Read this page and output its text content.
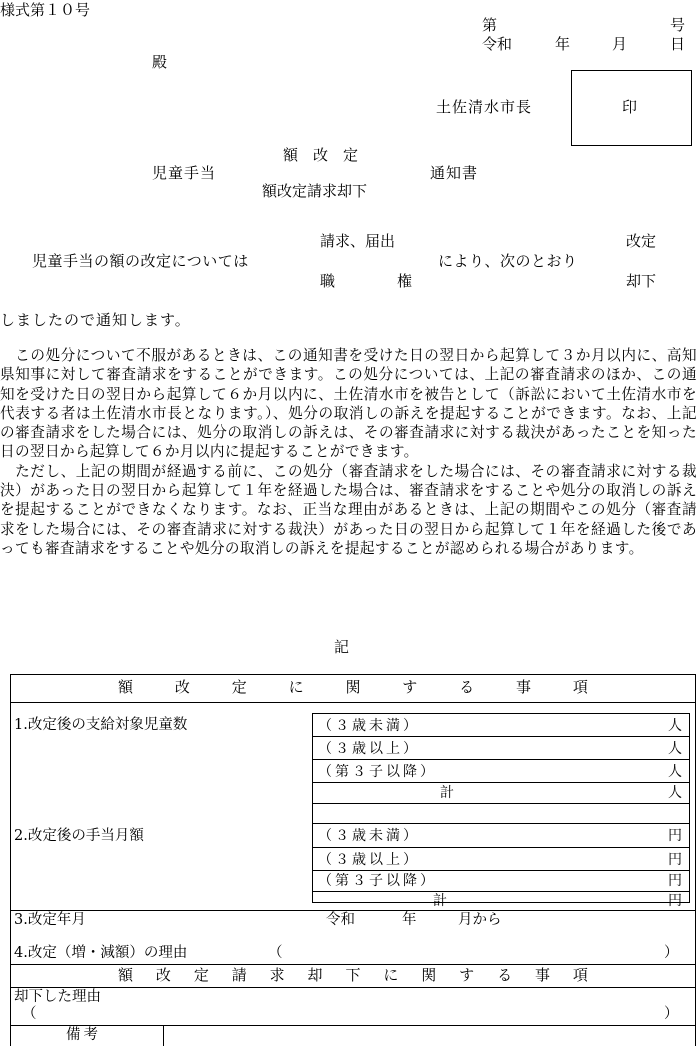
様式第１０号
第	号
令和	年	月	日
殿
土佐清水市長	印
額　改　定
児童手当	通知書
額改定請求却下
請求、届出	改定
児童手当の額の改定については	により、次のとおり
職	権	却下
しましたので通知します。

　この処分について不服があるときは、この通知書を受けた日の翌日から起算して３か月以内に、高知県知事に対して審査請求をすることができます。この処分については、上記の審査請求のほか、この通知を受けた日の翌日から起算して６か月以内に、土佐清水市を被告として（訴訟において土佐清水市を代表する者は土佐清水市長となります。）、処分の取消しの訴えを提起することができます。なお、上記の審査請求をした場合には、処分の取消しの訴えは、その審査請求に対する裁決があったことを知った日の翌日から起算して６か月以内に提起することができます。

　ただし、上記の期間が経過する前に、この処分（審査請求をした場合には、その審査請求に対する裁決）があった日の翌日から起算して１年を経過した場合は、審査請求をすることや処分の取消しの訴えを提起することができなくなります。なお、正当な理由があるときは、上記の期間やこの処分（審査請求をした場合には、その審査請求に対する裁決）があった日の翌日から起算して１年を経過した後であっても審査請求をすることや処分の取消しの訴えを提起することが認められる場合があります。

記
額	改	定	に	関	す	る	事	項
1.改定後の支給対象児童数	（３歳未満）	人
（３歳以上）	人
（第３子以降）	人
計	人
2.改定後の手当月額	（３歳未満）	円
（３歳以上）	円
（第３子以降）	円
計	円
3.改定年月	令和	年	月から
4.改定（増・減額）の理由	（	）
額 改 定 請 求 却 下 に 関 す る 事 項
却下した理由
（	）
備考
